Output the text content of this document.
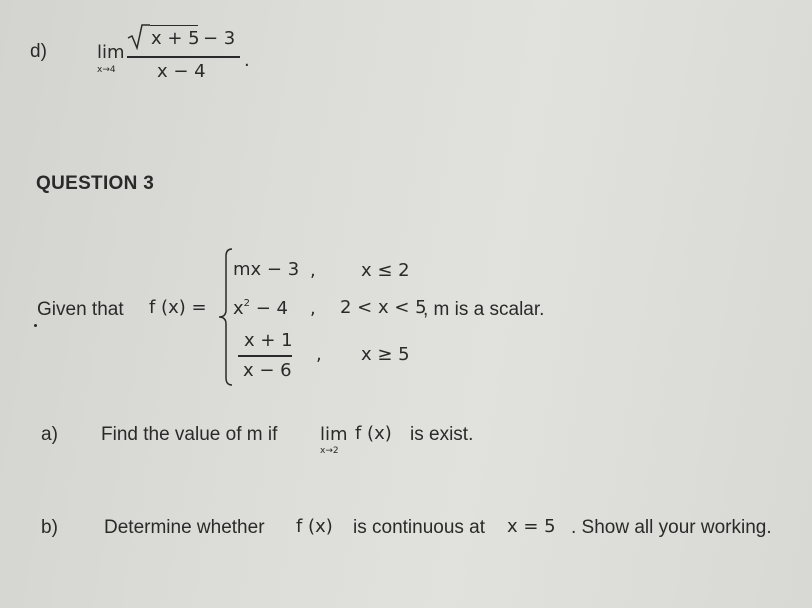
d)	lim
x→4
x + 5 − 3
x − 4
.
QUESTION 3
Given that f (x) =
mx − 3 ,	x ≤ 2
$x^2 - 4$ , 2 < x < 5
, m is a scalar.
x + 1
x − 6
, x ≥ 5
a) Find the value of m if lim
x→2
f (x) is exist.
b) Determine whether f (x) is continuous at x = 5 . Show all your working.
